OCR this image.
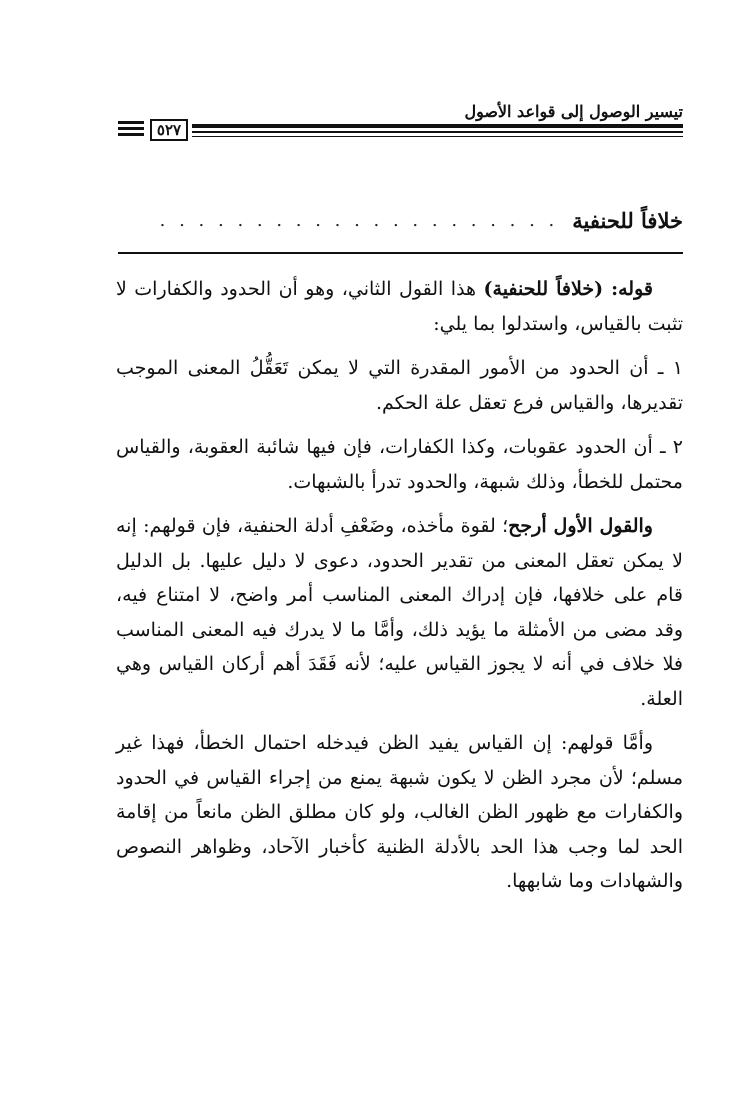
تيسير الوصول إلى قواعد الأصول
٥٢٧
خلافاً للحنفية
. . . . . . . . . . . . . . . . . . . . .

قوله: (خلافاً للحنفية) هذا القول الثاني، وهو أن الحدود والكفارات لا تثبت بالقياس، واستدلوا بما يلي:

١ ـ أن الحدود من الأمور المقدرة التي لا يمكن تَعَقُّلُ المعنى الموجب تقديرها، والقياس فرع تعقل علة الحكم.

٢ ـ أن الحدود عقوبات، وكذا الكفارات، فإن فيها شائبة العقوبة، والقياس محتمل للخطأ، وذلك شبهة، والحدود تدرأ بالشبهات.

والقول الأول أرجح؛ لقوة مأخذه، وضَعْفِ أدلة الحنفية، فإن قولهم: إنه لا يمكن تعقل المعنى من تقدير الحدود، دعوى لا دليل عليها. بل الدليل قام على خلافها، فإن إدراك المعنى المناسب أمر واضح، لا امتناع فيه، وقد مضى من الأمثلة ما يؤيد ذلك، وأمَّا ما لا يدرك فيه المعنى المناسب فلا خلاف في أنه لا يجوز القياس عليه؛ لأنه فَقَدَ أهم أركان القياس وهي العلة.

وأمَّا قولهم: إن القياس يفيد الظن فيدخله احتمال الخطأ، فهذا غير مسلم؛ لأن مجرد الظن لا يكون شبهة يمنع من إجراء القياس في الحدود والكفارات مع ظهور الظن الغالب، ولو كان مطلق الظن مانعاً من إقامة الحد لما وجب هذا الحد بالأدلة الظنية كأخبار الآحاد، وظواهر النصوص والشهادات وما شابهها.
